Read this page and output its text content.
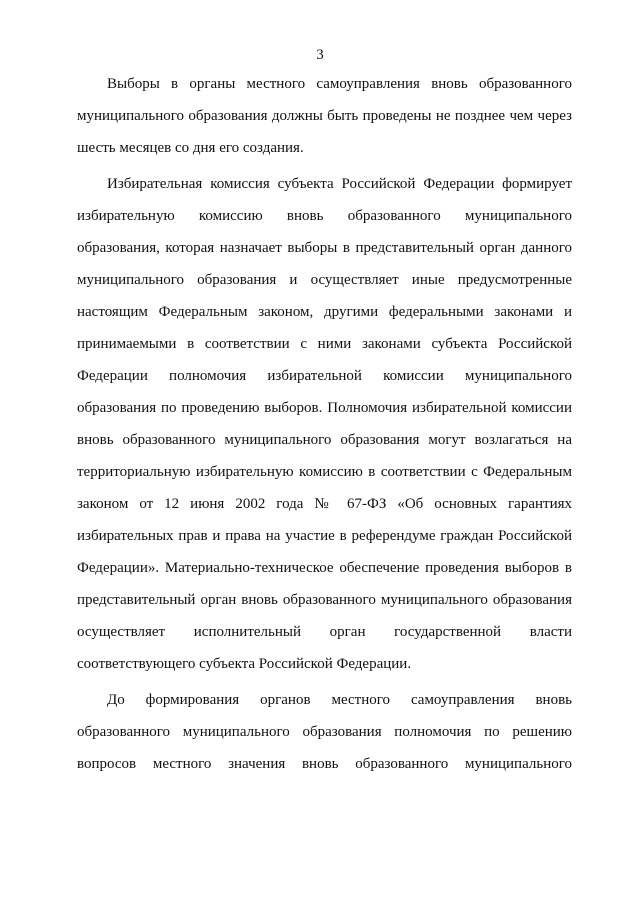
3

Выборы в органы местного самоуправления вновь образованного муниципального образования должны быть проведены не позднее чем через шесть месяцев со дня его создания.

Избирательная комиссия субъекта Российской Федерации формирует избирательную комиссию вновь образованного муниципального образования, которая назначает выборы в представительный орган данного муниципального образования и осуществляет иные предусмотренные настоящим Федеральным законом, другими федеральными законами и принимаемыми в соответствии с ними законами субъекта Российской Федерации полномочия избирательной комиссии муниципального образования по проведению выборов. Полномочия избирательной комиссии вновь образованного муниципального образования могут возлагаться на территориальную избирательную комиссию в соответствии с Федеральным законом от 12 июня 2002 года № 67-ФЗ «Об основных гарантиях избирательных прав и права на участие в референдуме граждан Российской Федерации». Материально-техническое обеспечение проведения выборов в представительный орган вновь образованного муниципального образования осуществляет исполнительный орган государственной власти соответствующего субъекта Российской Федерации.

До формирования органов местного самоуправления вновь образованного муниципального образования полномочия по решению вопросов местного значения вновь образованного муниципального
